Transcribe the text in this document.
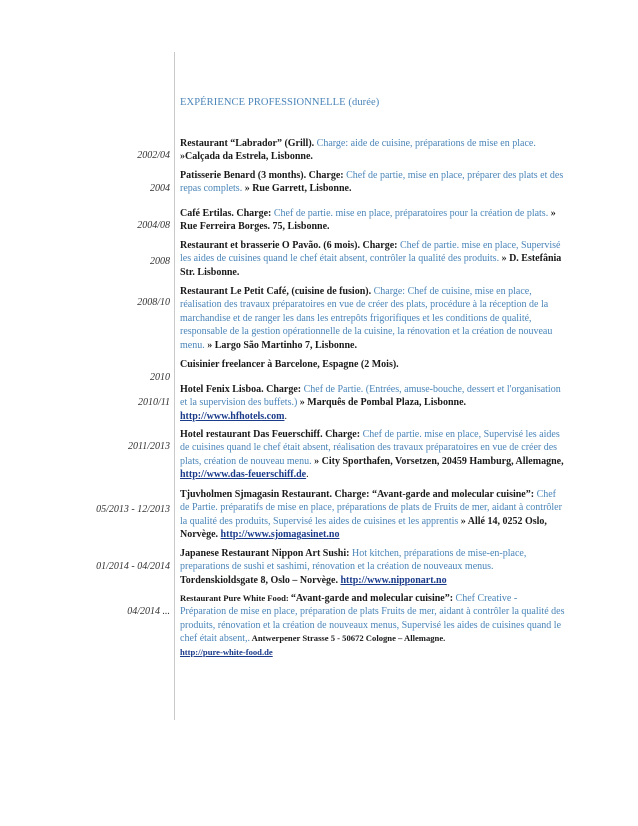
EXPÉRIENCE PROFESSIONNELLE (durée)
2002/04
2004
2004/08
2008
2008/10
2010
2010/11
2011/2013
05/2013 - 12/2013
01/2014 - 04/2014
04/2014 ...
Restaurant “Labrador” (Grill). Charge: aide de cuisine, préparations de mise en place.
»Calçada da Estrela, Lisbonne.
Patisserie Benard (3 months). Charge: Chef de partie, mise en place, préparer des plats et des repas complets. » Rue Garrett, Lisbonne.
Café Ertilas. Charge: Chef de partie. mise en place, préparatoires pour la création de plats. » Rue Ferreira Borges. 75, Lisbonne.
Restaurant et brasserie O Pavão. (6 mois). Charge: Chef de partie. mise en place, Supervisé les aides de cuisines quand le chef était absent, contrôler la qualité des produits. » D. Estefânia Str. Lisbonne.
Restaurant Le Petit Café, (cuisine de fusion). Charge: Chef de cuisine, mise en place, réalisation des travaux préparatoires en vue de créer des plats, procédure à la réception de la marchandise et de ranger les dans les entrepôts frigorifiques et les conditions de qualité, responsable de la gestion opérationnelle de la cuisine, la rénovation et la création de nouveau menu. » Largo São Martinho 7, Lisbonne.
Cuisinier freelancer à Barcelone, Espagne (2 Mois).
Hotel Fenix Lisboa. Charge: Chef de Partie. (Entrées, amuse-bouche, dessert et l'organisation et la supervision des buffets.) » Marquês de Pombal Plaza, Lisbonne.
http://www.hfhotels.com.
Hotel restaurant Das Feuerschiff. Charge: Chef de partie. mise en place, Supervisé les aides de cuisines quand le chef était absent, réalisation des travaux préparatoires en vue de créer des plats, création de nouveau menu. » City Sporthafen, Vorsetzen, 20459 Hamburg, Allemagne, http://www.das-feuerschiff.de.
Tjuvholmen Sjmagasin Restaurant. Charge: “Avant-garde and molecular cuisine”: Chef de Partie. préparatifs de mise en place, préparations de plats de Fruits de mer, aidant à contrôler la qualité des produits, Supervisé les aides de cuisines et les apprentis » Allé 14, 0252 Oslo, Norvège. http://www.sjomagasinet.no
Japanese Restaurant Nippon Art Sushi: Hot kitchen, préparations de mise-en-place, preparations de sushi et sashimi, rénovation et la création de nouveaux menus.
Tordenskioldsgate 8, Oslo – Norvège. http://www.nipponart.no
Restaurant Pure White Food: “Avant-garde and molecular cuisine”: Chef Creative - Préparation de mise en place, préparation de plats Fruits de mer, aidant à contrôler la qualité des produits, rénovation et la création de nouveaux menus, Supervisé les aides de cuisines quand le chef était absent,. Antwerpener Strasse 5 - 50672 Cologne – Allemagne.
http://pure-white-food.de
